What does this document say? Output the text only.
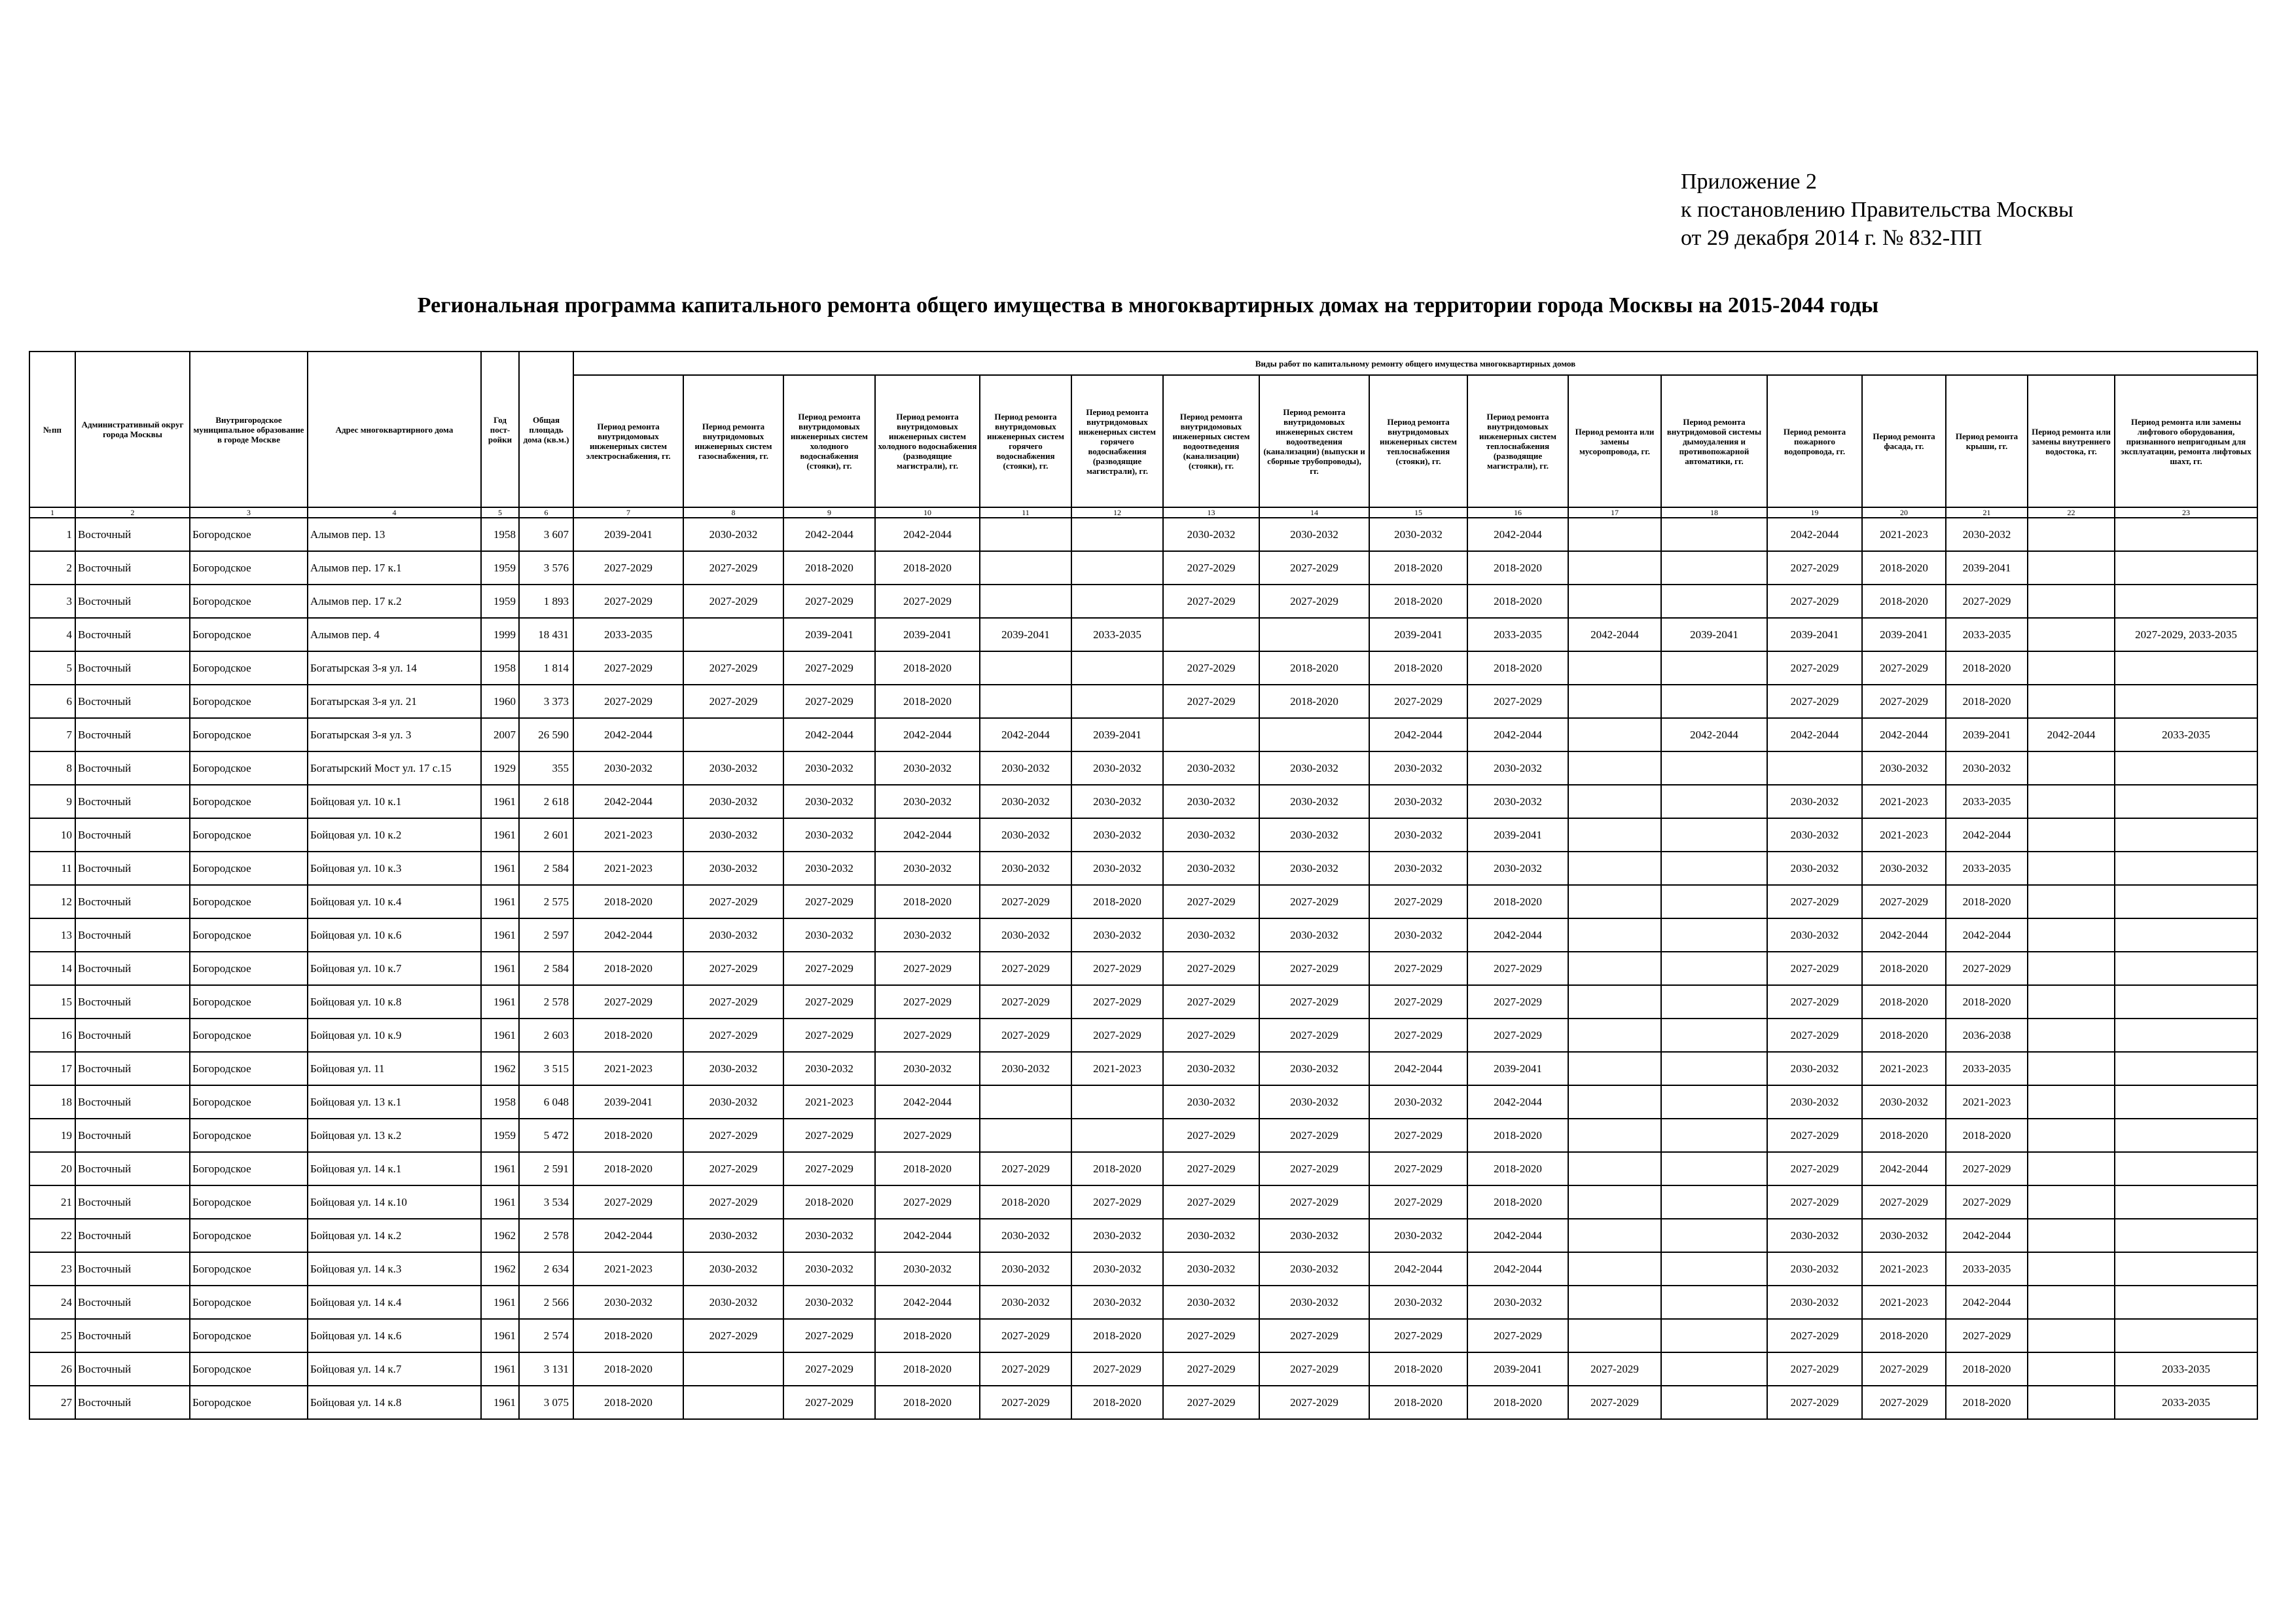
Приложение 2
к постановлению Правительства Москвы
от 29 декабря 2014 г. № 832-ПП
Региональная программа капитального ремонта общего имущества в многоквартирных домах на территории города Москвы на 2015-2044 годы
№пп	Административный округ города Москвы	Внутригородское муниципальное образование в городе Москве	Адрес многоквартирного дома	Год пост-ройки	Общая площадь дома (кв.м.)	Виды работ по капитальному ремонту общего имущества многоквартирных домов																
						Период ремонта внутридомовых инженерных систем электроснабжения, гг.	Период ремонта внутридомовых инженерных систем газоснабжения, гг.	Период ремонта внутридомовых инженерных систем холодного водоснабжения (стояки), гг.	Период ремонта внутридомовых инженерных систем холодного водоснабжения (разводящие магистрали), гг.	Период ремонта внутридомовых инженерных систем горячего водоснабжения (стояки), гг.	Период ремонта внутридомовых инженерных систем горячего водоснабжения (разводящие магистрали), гг.	Период ремонта внутридомовых инженерных систем водоотведения (канализации) (стояки), гг.	Период ремонта внутридомовых инженерных систем водоотведения (канализации) (выпуски и сборные трубопроводы), гг.	Период ремонта внутридомовых инженерных систем теплоснабжения (стояки), гг.	Период ремонта внутридомовых инженерных систем теплоснабжения (разводящие магистрали), гг.	Период ремонта или замены мусоропровода, гг.	Период ремонта внутридомовой системы дымоудаления и противопожарной автоматики, гг.	Период ремонта пожарного водопровода, гг.	Период ремонта фасада, гг.	Период ремонта крыши, гг.	Период ремонта или замены внутреннего водостока, гг.	Период ремонта или замены лифтового оборудования, признанного непригодным для эксплуатации, ремонта лифтовых шахт, гг.
1	2	3	4	5	6	7	8	9	10	11	12	13	14	15	16	17	18	19	20	21	22	23
1	Восточный	Богородское	Алымов пер. 13	1958	3 607	2039-2041	2030-2032	2042-2044	2042-2044			2030-2032	2030-2032	2030-2032	2042-2044			2042-2044	2021-2023	2030-2032		
2	Восточный	Богородское	Алымов пер. 17 к.1	1959	3 576	2027-2029	2027-2029	2018-2020	2018-2020			2027-2029	2027-2029	2018-2020	2018-2020			2027-2029	2018-2020	2039-2041		
3	Восточный	Богородское	Алымов пер. 17 к.2	1959	1 893	2027-2029	2027-2029	2027-2029	2027-2029			2027-2029	2027-2029	2018-2020	2018-2020			2027-2029	2018-2020	2027-2029		
4	Восточный	Богородское	Алымов пер. 4	1999	18 431	2033-2035		2039-2041	2039-2041	2039-2041	2033-2035			2039-2041	2033-2035	2042-2044	2039-2041	2039-2041	2039-2041	2033-2035		2027-2029, 2033-2035
5	Восточный	Богородское	Богатырская 3-я ул. 14	1958	1 814	2027-2029	2027-2029	2027-2029	2018-2020			2027-2029	2018-2020	2018-2020	2018-2020			2027-2029	2027-2029	2018-2020		
6	Восточный	Богородское	Богатырская 3-я ул. 21	1960	3 373	2027-2029	2027-2029	2027-2029	2018-2020			2027-2029	2018-2020	2027-2029	2027-2029			2027-2029	2027-2029	2018-2020		
7	Восточный	Богородское	Богатырская 3-я ул. 3	2007	26 590	2042-2044		2042-2044	2042-2044	2042-2044	2039-2041			2042-2044	2042-2044		2042-2044	2042-2044	2042-2044	2039-2041	2042-2044	2033-2035
8	Восточный	Богородское	Богатырский Мост ул. 17 с.15	1929	355	2030-2032	2030-2032	2030-2032	2030-2032	2030-2032	2030-2032	2030-2032	2030-2032	2030-2032	2030-2032				2030-2032	2030-2032		
9	Восточный	Богородское	Бойцовая ул. 10 к.1	1961	2 618	2042-2044	2030-2032	2030-2032	2030-2032	2030-2032	2030-2032	2030-2032	2030-2032	2030-2032	2030-2032			2030-2032	2021-2023	2033-2035		
10	Восточный	Богородское	Бойцовая ул. 10 к.2	1961	2 601	2021-2023	2030-2032	2030-2032	2042-2044	2030-2032	2030-2032	2030-2032	2030-2032	2030-2032	2039-2041			2030-2032	2021-2023	2042-2044		
11	Восточный	Богородское	Бойцовая ул. 10 к.3	1961	2 584	2021-2023	2030-2032	2030-2032	2030-2032	2030-2032	2030-2032	2030-2032	2030-2032	2030-2032	2030-2032			2030-2032	2030-2032	2033-2035		
12	Восточный	Богородское	Бойцовая ул. 10 к.4	1961	2 575	2018-2020	2027-2029	2027-2029	2018-2020	2027-2029	2018-2020	2027-2029	2027-2029	2027-2029	2018-2020			2027-2029	2027-2029	2018-2020		
13	Восточный	Богородское	Бойцовая ул. 10 к.6	1961	2 597	2042-2044	2030-2032	2030-2032	2030-2032	2030-2032	2030-2032	2030-2032	2030-2032	2030-2032	2042-2044			2030-2032	2042-2044	2042-2044		
14	Восточный	Богородское	Бойцовая ул. 10 к.7	1961	2 584	2018-2020	2027-2029	2027-2029	2027-2029	2027-2029	2027-2029	2027-2029	2027-2029	2027-2029	2027-2029			2027-2029	2018-2020	2027-2029		
15	Восточный	Богородское	Бойцовая ул. 10 к.8	1961	2 578	2027-2029	2027-2029	2027-2029	2027-2029	2027-2029	2027-2029	2027-2029	2027-2029	2027-2029	2027-2029			2027-2029	2018-2020	2018-2020		
16	Восточный	Богородское	Бойцовая ул. 10 к.9	1961	2 603	2018-2020	2027-2029	2027-2029	2027-2029	2027-2029	2027-2029	2027-2029	2027-2029	2027-2029	2027-2029			2027-2029	2018-2020	2036-2038		
17	Восточный	Богородское	Бойцовая ул. 11	1962	3 515	2021-2023	2030-2032	2030-2032	2030-2032	2030-2032	2021-2023	2030-2032	2030-2032	2042-2044	2039-2041			2030-2032	2021-2023	2033-2035		
18	Восточный	Богородское	Бойцовая ул. 13 к.1	1958	6 048	2039-2041	2030-2032	2021-2023	2042-2044			2030-2032	2030-2032	2030-2032	2042-2044			2030-2032	2030-2032	2021-2023		
19	Восточный	Богородское	Бойцовая ул. 13 к.2	1959	5 472	2018-2020	2027-2029	2027-2029	2027-2029			2027-2029	2027-2029	2027-2029	2018-2020			2027-2029	2018-2020	2018-2020		
20	Восточный	Богородское	Бойцовая ул. 14 к.1	1961	2 591	2018-2020	2027-2029	2027-2029	2018-2020	2027-2029	2018-2020	2027-2029	2027-2029	2027-2029	2018-2020			2027-2029	2042-2044	2027-2029		
21	Восточный	Богородское	Бойцовая ул. 14 к.10	1961	3 534	2027-2029	2027-2029	2018-2020	2027-2029	2018-2020	2027-2029	2027-2029	2027-2029	2027-2029	2018-2020			2027-2029	2027-2029	2027-2029		
22	Восточный	Богородское	Бойцовая ул. 14 к.2	1962	2 578	2042-2044	2030-2032	2030-2032	2042-2044	2030-2032	2030-2032	2030-2032	2030-2032	2030-2032	2042-2044			2030-2032	2030-2032	2042-2044		
23	Восточный	Богородское	Бойцовая ул. 14 к.3	1962	2 634	2021-2023	2030-2032	2030-2032	2030-2032	2030-2032	2030-2032	2030-2032	2030-2032	2042-2044	2042-2044			2030-2032	2021-2023	2033-2035		
24	Восточный	Богородское	Бойцовая ул. 14 к.4	1961	2 566	2030-2032	2030-2032	2030-2032	2042-2044	2030-2032	2030-2032	2030-2032	2030-2032	2030-2032	2030-2032			2030-2032	2021-2023	2042-2044		
25	Восточный	Богородское	Бойцовая ул. 14 к.6	1961	2 574	2018-2020	2027-2029	2027-2029	2018-2020	2027-2029	2018-2020	2027-2029	2027-2029	2027-2029	2027-2029			2027-2029	2018-2020	2027-2029		
26	Восточный	Богородское	Бойцовая ул. 14 к.7	1961	3 131	2018-2020		2027-2029	2018-2020	2027-2029	2027-2029	2027-2029	2027-2029	2018-2020	2039-2041	2027-2029		2027-2029	2027-2029	2018-2020		2033-2035
27	Восточный	Богородское	Бойцовая ул. 14 к.8	1961	3 075	2018-2020		2027-2029	2018-2020	2027-2029	2018-2020	2027-2029	2027-2029	2018-2020	2018-2020	2027-2029		2027-2029	2027-2029	2018-2020		2033-2035
